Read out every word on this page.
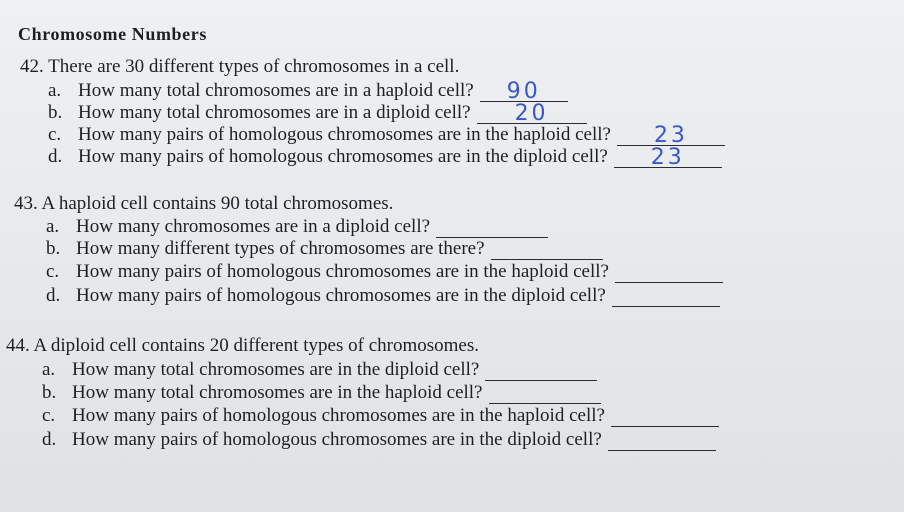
Chromosome Numbers
42. There are 30 different types of chromosomes in a cell.
a. How many total chromosomes are in a haploid cell?	90
b. How many total chromosomes are in a diploid cell?	20
c. How many pairs of homologous chromosomes are in the haploid cell?	23
d. How many pairs of homologous chromosomes are in the diploid cell?	23
43. A haploid cell contains 90 total chromosomes.
a. How many chromosomes are in a diploid cell?
b. How many different types of chromosomes are there?
c. How many pairs of homologous chromosomes are in the haploid cell?
d. How many pairs of homologous chromosomes are in the diploid cell?
44. A diploid cell contains 20 different types of chromosomes.
a. How many total chromosomes are in the diploid cell?
b. How many total chromosomes are in the haploid cell?
c. How many pairs of homologous chromosomes are in the haploid cell?
d. How many pairs of homologous chromosomes are in the diploid cell?
